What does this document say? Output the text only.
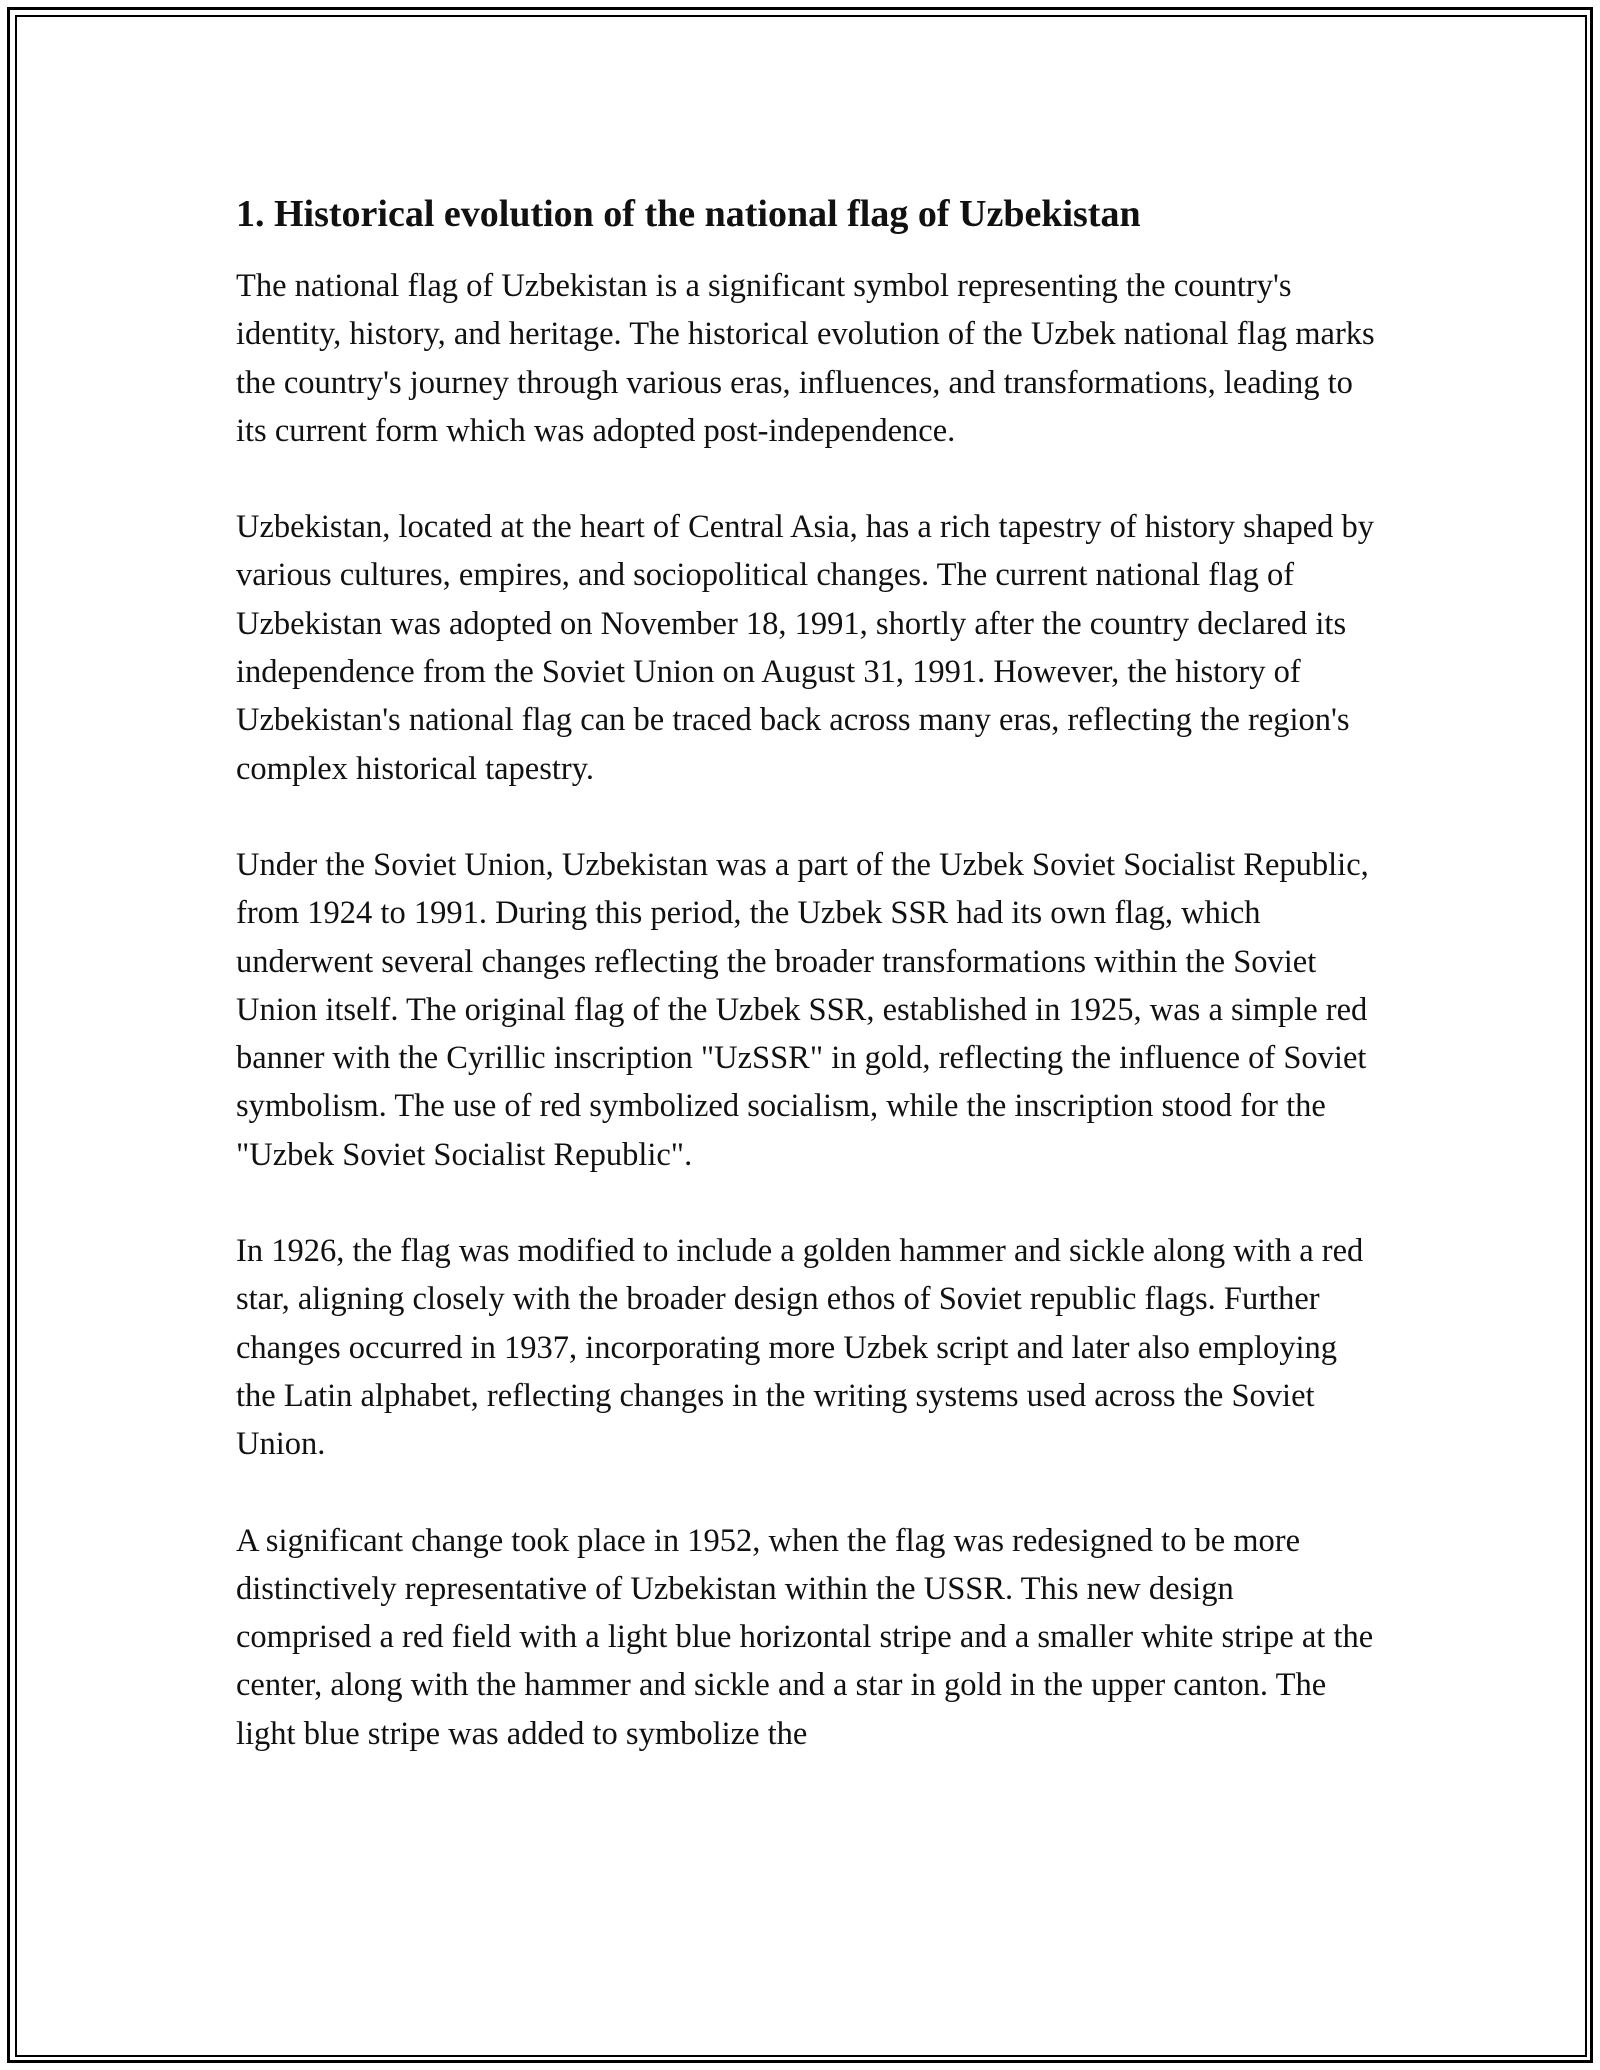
1. Historical evolution of the national flag of Uzbekistan

The national flag of Uzbekistan is a significant symbol representing the country's identity, history, and heritage. The historical evolution of the Uzbek national flag marks the country's journey through various eras, influences, and transformations, leading to its current form which was adopted post-independence.

Uzbekistan, located at the heart of Central Asia, has a rich tapestry of history shaped by various cultures, empires, and sociopolitical changes. The current national flag of Uzbekistan was adopted on November 18, 1991, shortly after the country declared its independence from the Soviet Union on August 31, 1991. However, the history of Uzbekistan's national flag can be traced back across many eras, reflecting the region's complex historical tapestry.

Under the Soviet Union, Uzbekistan was a part of the Uzbek Soviet Socialist Republic, from 1924 to 1991. During this period, the Uzbek SSR had its own flag, which underwent several changes reflecting the broader transformations within the Soviet Union itself. The original flag of the Uzbek SSR, established in 1925, was a simple red banner with the Cyrillic inscription "UzSSR" in gold, reflecting the influence of Soviet symbolism. The use of red symbolized socialism, while the inscription stood for the "Uzbek Soviet Socialist Republic".

In 1926, the flag was modified to include a golden hammer and sickle along with a red star, aligning closely with the broader design ethos of Soviet republic flags. Further changes occurred in 1937, incorporating more Uzbek script and later also employing the Latin alphabet, reflecting changes in the writing systems used across the Soviet Union.

A significant change took place in 1952, when the flag was redesigned to be more distinctively representative of Uzbekistan within the USSR. This new design comprised a red field with a light blue horizontal stripe and a smaller white stripe at the center, along with the hammer and sickle and a star in gold in the upper canton. The light blue stripe was added to symbolize the
